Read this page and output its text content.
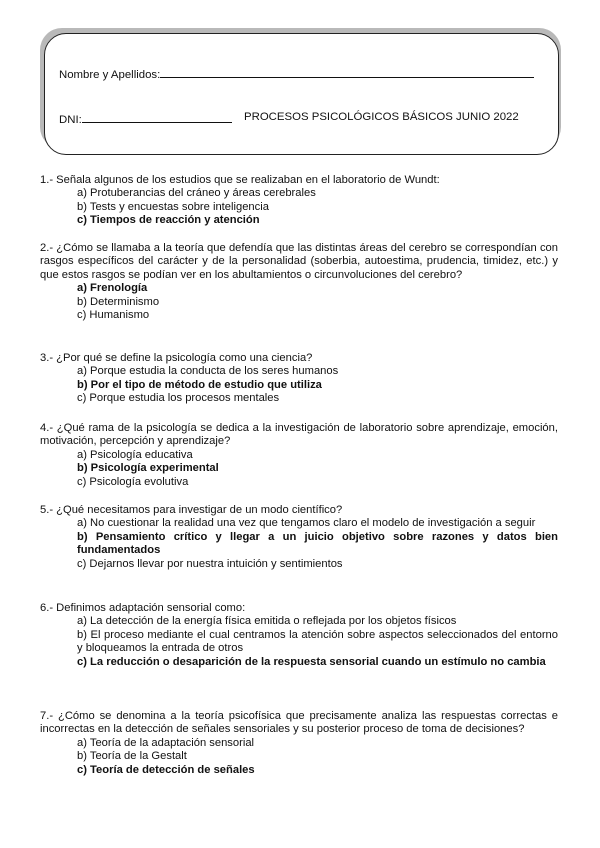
Nombre y Apellidos:
DNI:	PROCESOS PSICOLÓGICOS BÁSICOS JUNIO 2022
1.- Señala algunos de los estudios que se realizaban en el laboratorio de Wundt:
a) Protuberancias del cráneo y áreas cerebrales
b) Tests y encuestas sobre inteligencia
c) Tiempos de reacción y atención
2.- ¿Cómo se llamaba a la teoría que defendía que las distintas áreas del cerebro se correspondían con rasgos específicos del carácter y de la personalidad (soberbia, autoestima, prudencia, timidez, etc.) y que estos rasgos se podían ver en los abultamientos o circunvoluciones del cerebro?
a) Frenología
b) Determinismo
c) Humanismo
3.- ¿Por qué se define la psicología como una ciencia?
a) Porque estudia la conducta de los seres humanos
b) Por el tipo de método de estudio que utiliza
c) Porque estudia los procesos mentales
4.- ¿Qué rama de la psicología se dedica a la investigación de laboratorio sobre aprendizaje, emoción, motivación, percepción y aprendizaje?
a) Psicología educativa
b) Psicología experimental
c) Psicología evolutiva
5.- ¿Qué necesitamos para investigar de un modo científico?
a) No cuestionar la realidad una vez que tengamos claro el modelo de investigación a seguir
b) Pensamiento crítico y llegar a un juicio objetivo sobre razones y datos bien fundamentados
c) Dejarnos llevar por nuestra intuición y sentimientos
6.- Definimos adaptación sensorial como:
a) La detección de la energía física emitida o reflejada por los objetos físicos
b) El proceso mediante el cual centramos la atención sobre aspectos seleccionados del entorno y bloqueamos la entrada de otros
c) La reducción o desaparición de la respuesta sensorial cuando un estímulo no cambia
7.- ¿Cómo se denomina a la teoría psicofísica que precisamente analiza las respuestas correctas e incorrectas en la detección de señales sensoriales y su posterior proceso de toma de decisiones?
a) Teoría de la adaptación sensorial
b) Teoría de la Gestalt
c) Teoría de detección de señales
